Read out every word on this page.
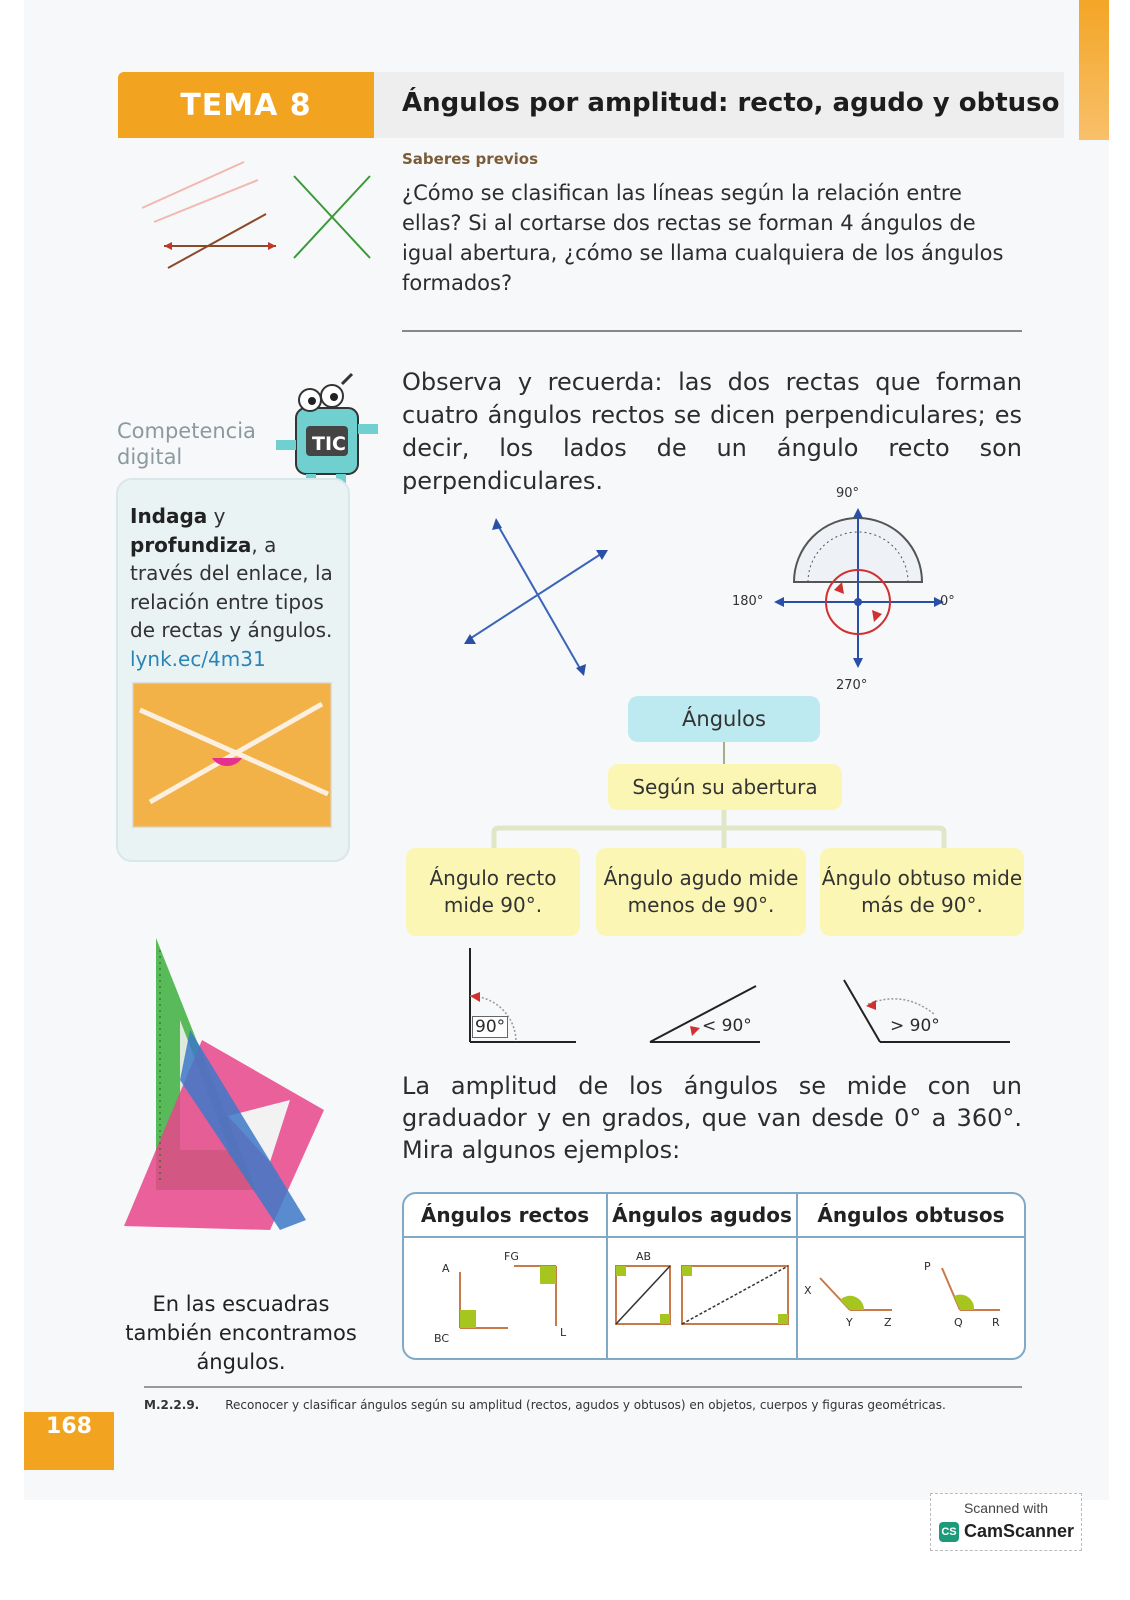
TEMA 8	Ángulos por amplitud: recto, agudo y obtuso
Saberes previos
¿Cómo se clasifican las líneas según la relación entre ellas? Si al cortarse dos rectas se forman 4 ángulos de igual abertura, ¿cómo se llama cualquiera de los ángulos formados?
TIC
Competencia
digital
Indaga y profundiza, a través del enlace, la relación entre tipos de rectas y ángulos.
lynk.ec/4m31
Observa y recuerda: las dos rectas que forman cuatro ángulos rectos se dicen perpendiculares; es decir, los lados de un ángulo recto son perpendiculares.	90°
180°	0°
270°
Ángulos
Según su abertura
Ángulo recto mide 90°.
Ángulo agudo mide menos de 90°.
Ángulo obtuso mide más de 90°.
90°	< 90°	> 90°
La amplitud de los ángulos se mide con un graduador y en grados, que van desde 0° a 360°. Mira algunos ejemplos:
Ángulos rectos	Ángulos agudos	Ángulos obtusos
A
BC
FG
L
AB
X
Y	Z
P
Q	R
En las escuadras también encontramos ángulos.
M.2.2.9. Reconocer y clasificar ángulos según su amplitud (rectos, agudos y obtusos) en objetos, cuerpos y figuras geométricas.
168
Scanned with
CS CamScanner
